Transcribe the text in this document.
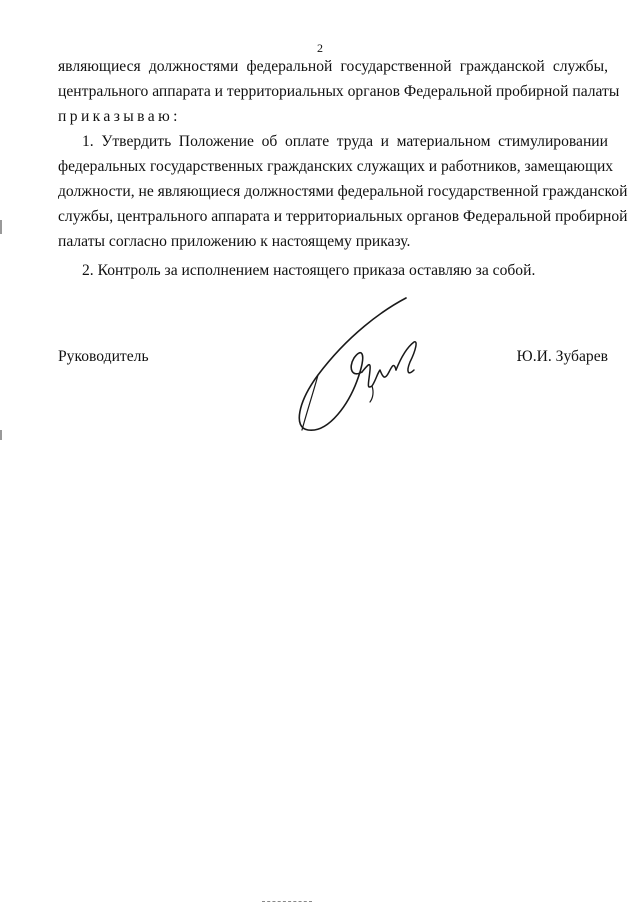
2
являющиеся должностями федеральной государственной гражданской службы,
центрального аппарата и территориальных органов Федеральной пробирной палаты
приказываю:
1. Утвердить Положение об оплате труда и материальном стимулировании
федеральных государственных гражданских служащих и работников, замещающих
должности, не являющиеся должностями федеральной государственной гражданской
службы, центрального аппарата и территориальных органов Федеральной пробирной
палаты согласно приложению к настоящему приказу.
2. Контроль за исполнением настоящего приказа оставляю за собой.
Руководитель	Ю.И. Зубарев
